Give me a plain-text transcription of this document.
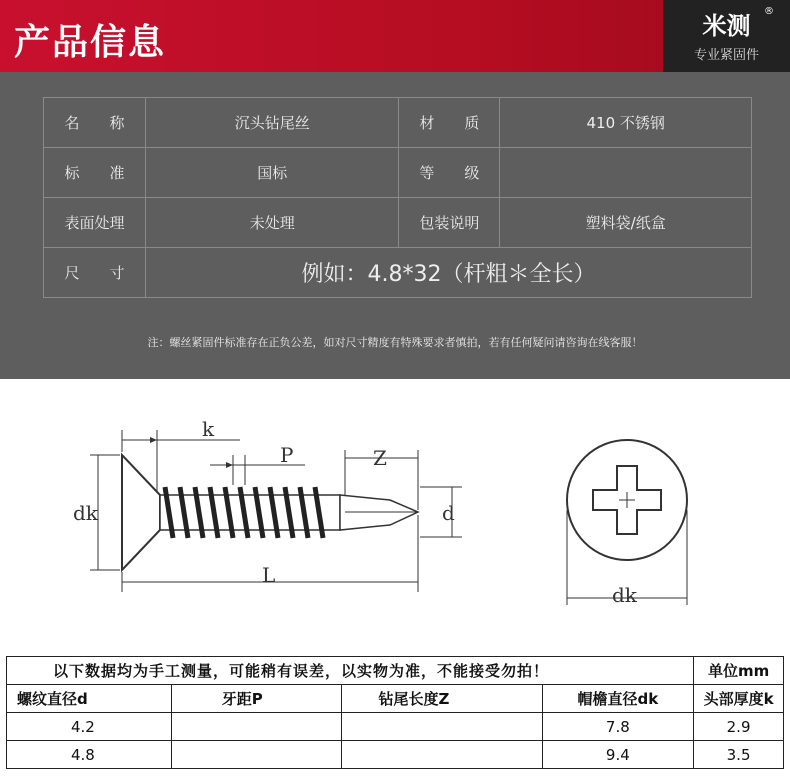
产品信息	米测
®
专业紧固件
名 称	沉头钻尾丝	材 质	410 不锈钢
标 准	国标	等 级	
表面处理	未处理	包装说明	塑料袋/纸盒
尺 寸	例如：4.8*32（杆粗＊全长）		
注：螺丝紧固件标准存在正负公差，如对尺寸精度有特殊要求者慎拍，若有任何疑问请咨询在线客服！
k
P	Z
dk	d
L
dk
以下数据均为手工测量，可能稍有误差，以实物为准，不能接受勿拍！				单位mm
螺纹直径d	牙距P	钻尾长度Z	帽檐直径dk	头部厚度k
4.2			7.8	2.9
4.8			9.4	3.5
